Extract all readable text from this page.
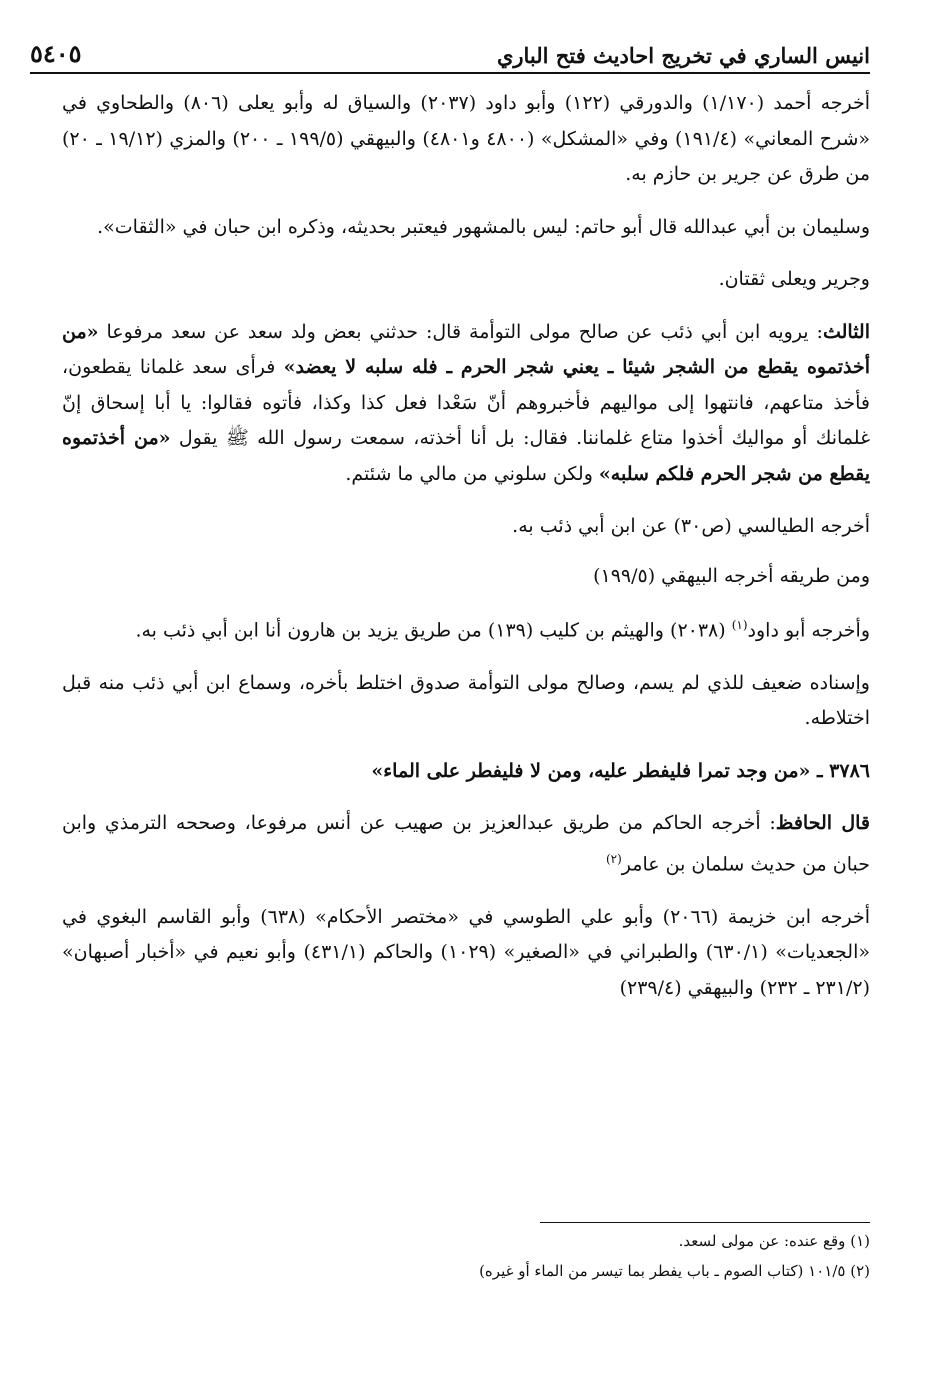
٥٤٠٥	انيس الساري في تخريج احاديث فتح الباري

أخرجه أحمد (١/١٧٠) والدورقي (١٢٢) وأبو داود (٢٠٣٧) والسياق له وأبو يعلى (٨٠٦) والطحاوي في «شرح المعاني» (١٩١/٤) وفي «المشكل» (٤٨٠٠ و٤٨٠١) والبيهقي (١٩٩/٥ ـ ٢٠٠) والمزي (١٩/١٢ ـ ٢٠) من طرق عن جرير بن حازم به.

وسليمان بن أبي عبدالله قال أبو حاتم: ليس بالمشهور فيعتبر بحديثه، وذكره ابن حبان في «الثقات».

وجرير ويعلى ثقتان.

الثالث: يرويه ابن أبي ذئب عن صالح مولى التوأمة قال: حدثني بعض ولد سعد عن سعد مرفوعا «من أخذتموه يقطع من الشجر شيئا ـ يعني شجر الحرم ـ فله سلبه لا يعضد» فرأى سعد غلمانا يقطعون، فأخذ متاعهم، فانتهوا إلى مواليهم فأخبروهم أنّ سَعْدا فعل كذا وكذا، فأتوه فقالوا: يا أبا إسحاق إنّ غلمانك أو مواليك أخذوا متاع غلماننا. فقال: بل أنا أخذته، سمعت رسول الله ﷺ يقول «من أخذتموه يقطع من شجر الحرم فلكم سلبه» ولكن سلوني من مالي ما شئتم.

أخرجه الطيالسي (ص٣٠) عن ابن أبي ذئب به.

ومن طريقه أخرجه البيهقي (١٩٩/٥)

وأخرجه أبو داود$^{(١)}$ (٢٠٣٨) والهيثم بن كليب (١٣٩) من طريق يزيد بن هارون أنا ابن أبي ذئب به.

وإسناده ضعيف للذي لم يسم، وصالح مولى التوأمة صدوق اختلط بأخره، وسماع ابن أبي ذئب منه قبل اختلاطه.

٣٧٨٦ ـ «من وجد تمرا فليفطر عليه، ومن لا فليفطر على الماء»

قال الحافظ: أخرجه الحاكم من طريق عبدالعزيز بن صهيب عن أنس مرفوعا، وصححه الترمذي وابن حبان من حديث سلمان بن عامر$^{(٢)}$

أخرجه ابن خزيمة (٢٠٦٦) وأبو علي الطوسي في «مختصر الأحكام» (٦٣٨) وأبو القاسم البغوي في «الجعديات» (٦٣٠/١) والطبراني في «الصغير» (١٠٢٩) والحاكم (٤٣١/١) وأبو نعيم في «أخبار أصبهان» (٢٣١/٢ ـ ٢٣٢) والبيهقي (٢٣٩/٤)

(١) وقع عنده: عن مولى لسعد.

(٢) ١٠١/٥ (كتاب الصوم ـ باب يفطر بما تيسر من الماء أو غيره)
